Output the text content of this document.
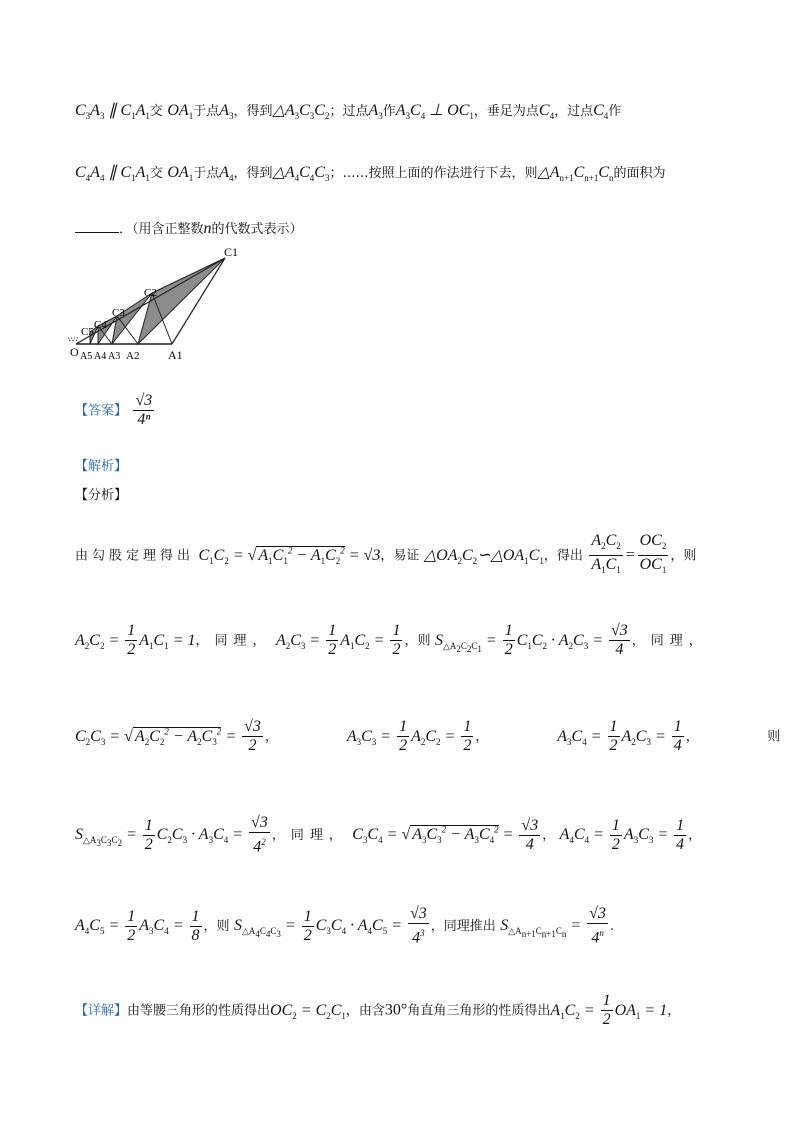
$C_3A_3$ ∥ $C_1A_1$交 $OA_1$于点$A_3$，得到$\triangle A_3C_3C_2$；过点$A_3$作$A_3C_4$ ⊥ $OC_1$，垂足为点$C_4$，过点$C_4$作
$C_4A_4$ ∥ $C_1A_1$交 $OA_1$于点$A_4$，得到$\triangle A_4C_4C_3$；……按照上面的作法进行下去，则$\triangle A_{n+1}C_{n+1}C_n$的面积为
．（用含正整数n的代数式表示）
C1
C2
C3
C4
C5
O A5 A4 A3 A2 A1
…
【答案】 $\frac{√3}{\text{4ⁿ}}$
【解析】
【分析】
由勾股定理得出 $C_1C_2$ = √ $A_1C_1^2 - A_1C_2^2 = √3$，易证 $\triangle OA_2C_2∽\triangle OA_1C_1$，得出 $\frac{A_2C_2}{A_1C_1} = \frac{OC_2}{OC_1}$ ，则
$A_2C_2 = \frac{1}{2} A_1C_1 = 1$，同理， $A_2C_3 = \frac{1}{2} A_1C_2 = \frac{1}{2}$ ，则 $S_{\triangle A_2C_2C_1} = \frac{1}{2} C_1C_2 \cdot A_2C_3 = \frac{√3}{4}$ ，同理，
$C_2C_3$ = √ $A_2C_2^2 - A_2C_3^2 = \frac{√3}{2}$ ，	$A_3C_3 = \frac{1}{2} A_2C_2 = \frac{1}{2}$ ，	$A_3C_4 = \frac{1}{2} A_2C_3 = \frac{1}{4}$ ，	则
$S_{\triangle A_3C_3C_2} = \frac{1}{2} C_2C_3 \cdot A_3C_4 = \frac{√3}{4^2}$ ，同理， $C_3C_4$ = √ $A_3C_3^2 - A_3C_4^2 = \frac{√3}{4}$ ， $A_4C_4 = \frac{1}{2} A_3C_3 = \frac{1}{4}$ ，
$A_4C_5 = \frac{1}{2} A_3C_4 = \frac{1}{8}$ ，则 $S_{\triangle A_4C_4C_3} = \frac{1}{2} C_3C_4 \cdot A_4C_5 = \frac{√3}{4^3}$ ，同理推出 $S_{\triangle A_{n+1}C_{n+1}C_n} = \frac{√3}{4^n}$ .
【详解】由等腰三角形的性质得出$OC_2 = C_2C_1$，由含30°角直角三角形的性质得出$A_1C_2 = \frac{1}{2} OA_1 = 1$，
